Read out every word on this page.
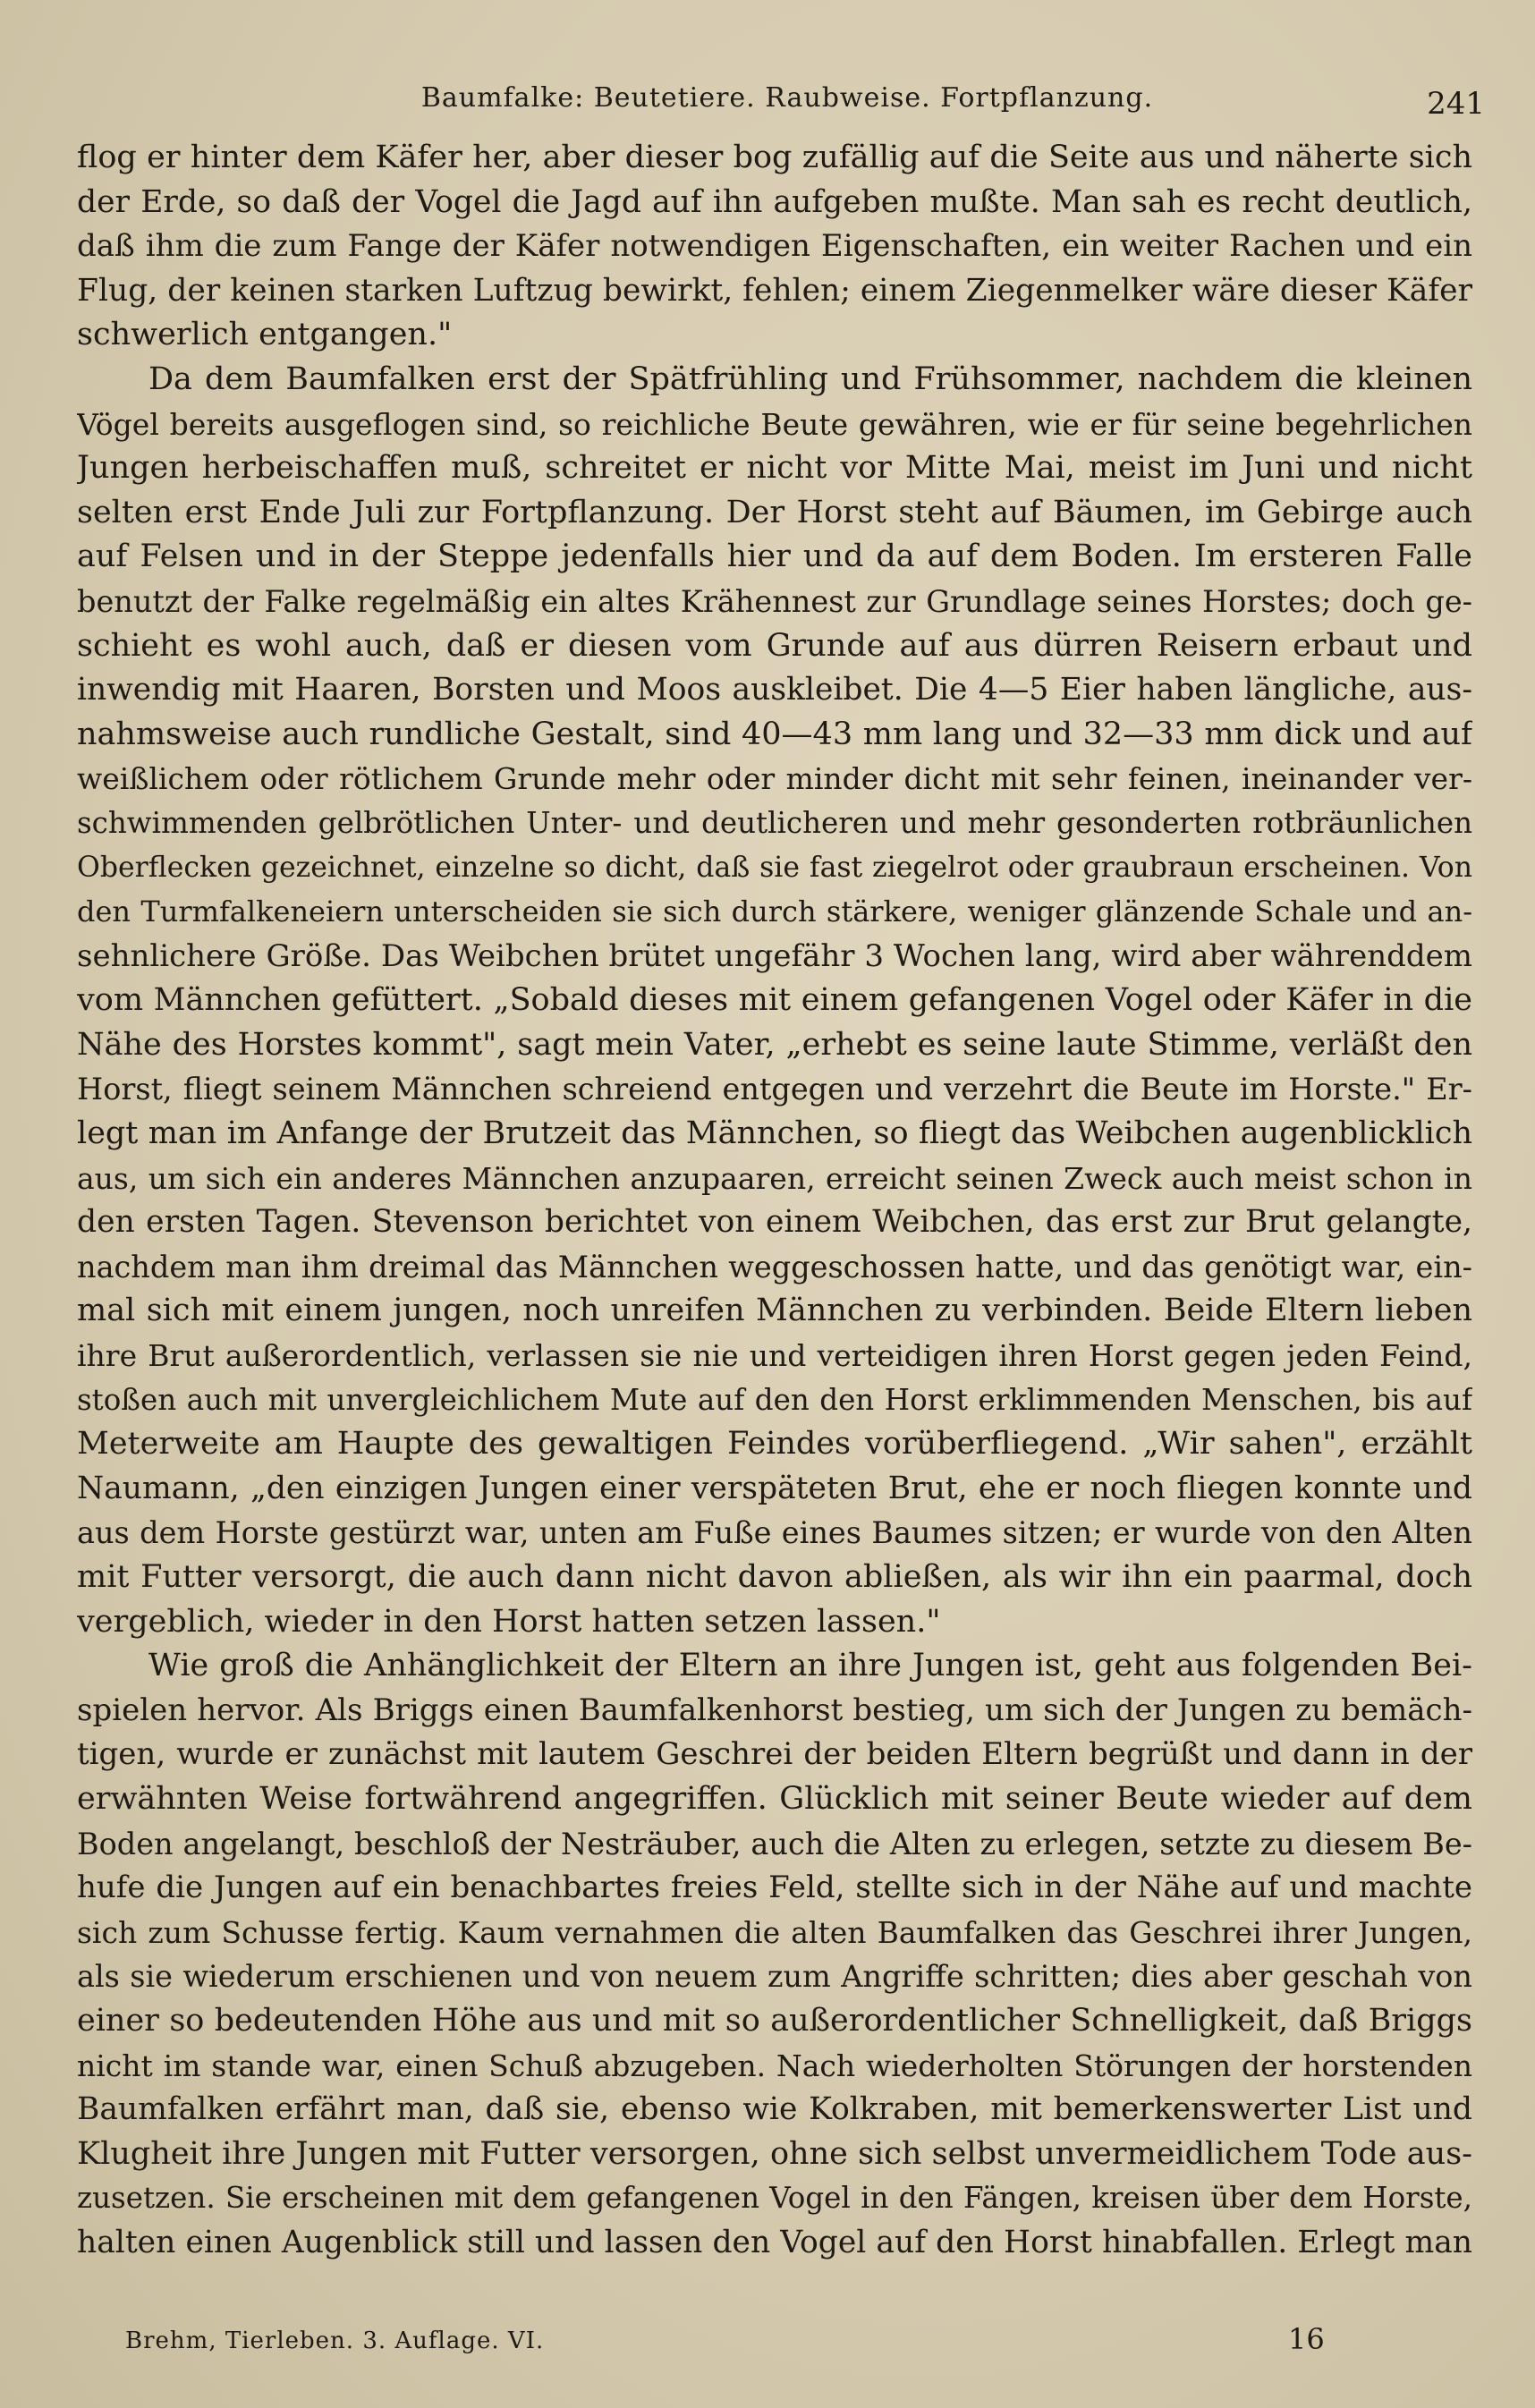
Baumfalke: Beutetiere. Raubweise. Fortpflanzung.	241
flog er hinter dem Käfer her, aber dieser bog zufällig auf die Seite aus und näherte sich
der Erde, so daß der Vogel die Jagd auf ihn aufgeben mußte. Man sah es recht deutlich,
daß ihm die zum Fange der Käfer notwendigen Eigenschaften, ein weiter Rachen und ein
Flug, der keinen starken Luftzug bewirkt, fehlen; einem Ziegenmelker wäre dieser Käfer
schwerlich entgangen."
Da dem Baumfalken erst der Spätfrühling und Frühsommer, nachdem die kleinen
Vögel bereits ausgeflogen sind, so reichliche Beute gewähren, wie er für seine begehrlichen
Jungen herbeischaffen muß, schreitet er nicht vor Mitte Mai, meist im Juni und nicht
selten erst Ende Juli zur Fortpflanzung. Der Horst steht auf Bäumen, im Gebirge auch
auf Felsen und in der Steppe jedenfalls hier und da auf dem Boden. Im ersteren Falle
benutzt der Falke regelmäßig ein altes Krähennest zur Grundlage seines Horstes; doch ge-
schieht es wohl auch, daß er diesen vom Grunde auf aus dürren Reisern erbaut und
inwendig mit Haaren, Borsten und Moos auskleibet. Die 4—5 Eier haben längliche, aus-
nahmsweise auch rundliche Gestalt, sind 40—43 mm lang und 32—33 mm dick und auf
weißlichem oder rötlichem Grunde mehr oder minder dicht mit sehr feinen, ineinander ver-
schwimmenden gelbrötlichen Unter- und deutlicheren und mehr gesonderten rotbräunlichen
Oberflecken gezeichnet, einzelne so dicht, daß sie fast ziegelrot oder graubraun erscheinen. Von
den Turmfalkeneiern unterscheiden sie sich durch stärkere, weniger glänzende Schale und an-
sehnlichere Größe. Das Weibchen brütet ungefähr 3 Wochen lang, wird aber währenddem
vom Männchen gefüttert. „Sobald dieses mit einem gefangenen Vogel oder Käfer in die
Nähe des Horstes kommt", sagt mein Vater, „erhebt es seine laute Stimme, verläßt den
Horst, fliegt seinem Männchen schreiend entgegen und verzehrt die Beute im Horste." Er-
legt man im Anfange der Brutzeit das Männchen, so fliegt das Weibchen augenblicklich
aus, um sich ein anderes Männchen anzupaaren, erreicht seinen Zweck auch meist schon in
den ersten Tagen. Stevenson berichtet von einem Weibchen, das erst zur Brut gelangte,
nachdem man ihm dreimal das Männchen weggeschossen hatte, und das genötigt war, ein-
mal sich mit einem jungen, noch unreifen Männchen zu verbinden. Beide Eltern lieben
ihre Brut außerordentlich, verlassen sie nie und verteidigen ihren Horst gegen jeden Feind,
stoßen auch mit unvergleichlichem Mute auf den den Horst erklimmenden Menschen, bis auf
Meterweite am Haupte des gewaltigen Feindes vorüberfliegend. „Wir sahen", erzählt
Naumann, „den einzigen Jungen einer verspäteten Brut, ehe er noch fliegen konnte und
aus dem Horste gestürzt war, unten am Fuße eines Baumes sitzen; er wurde von den Alten
mit Futter versorgt, die auch dann nicht davon abließen, als wir ihn ein paarmal, doch
vergeblich, wieder in den Horst hatten setzen lassen."
Wie groß die Anhänglichkeit der Eltern an ihre Jungen ist, geht aus folgenden Bei-
spielen hervor. Als Briggs einen Baumfalkenhorst bestieg, um sich der Jungen zu bemäch-
tigen, wurde er zunächst mit lautem Geschrei der beiden Eltern begrüßt und dann in der
erwähnten Weise fortwährend angegriffen. Glücklich mit seiner Beute wieder auf dem
Boden angelangt, beschloß der Nesträuber, auch die Alten zu erlegen, setzte zu diesem Be-
hufe die Jungen auf ein benachbartes freies Feld, stellte sich in der Nähe auf und machte
sich zum Schusse fertig. Kaum vernahmen die alten Baumfalken das Geschrei ihrer Jungen,
als sie wiederum erschienen und von neuem zum Angriffe schritten; dies aber geschah von
einer so bedeutenden Höhe aus und mit so außerordentlicher Schnelligkeit, daß Briggs
nicht im stande war, einen Schuß abzugeben. Nach wiederholten Störungen der horstenden
Baumfalken erfährt man, daß sie, ebenso wie Kolkraben, mit bemerkenswerter List und
Klugheit ihre Jungen mit Futter versorgen, ohne sich selbst unvermeidlichem Tode aus-
zusetzen. Sie erscheinen mit dem gefangenen Vogel in den Fängen, kreisen über dem Horste,
halten einen Augenblick still und lassen den Vogel auf den Horst hinabfallen. Erlegt man
Brehm, Tierleben. 3. Auflage. VI.	16
